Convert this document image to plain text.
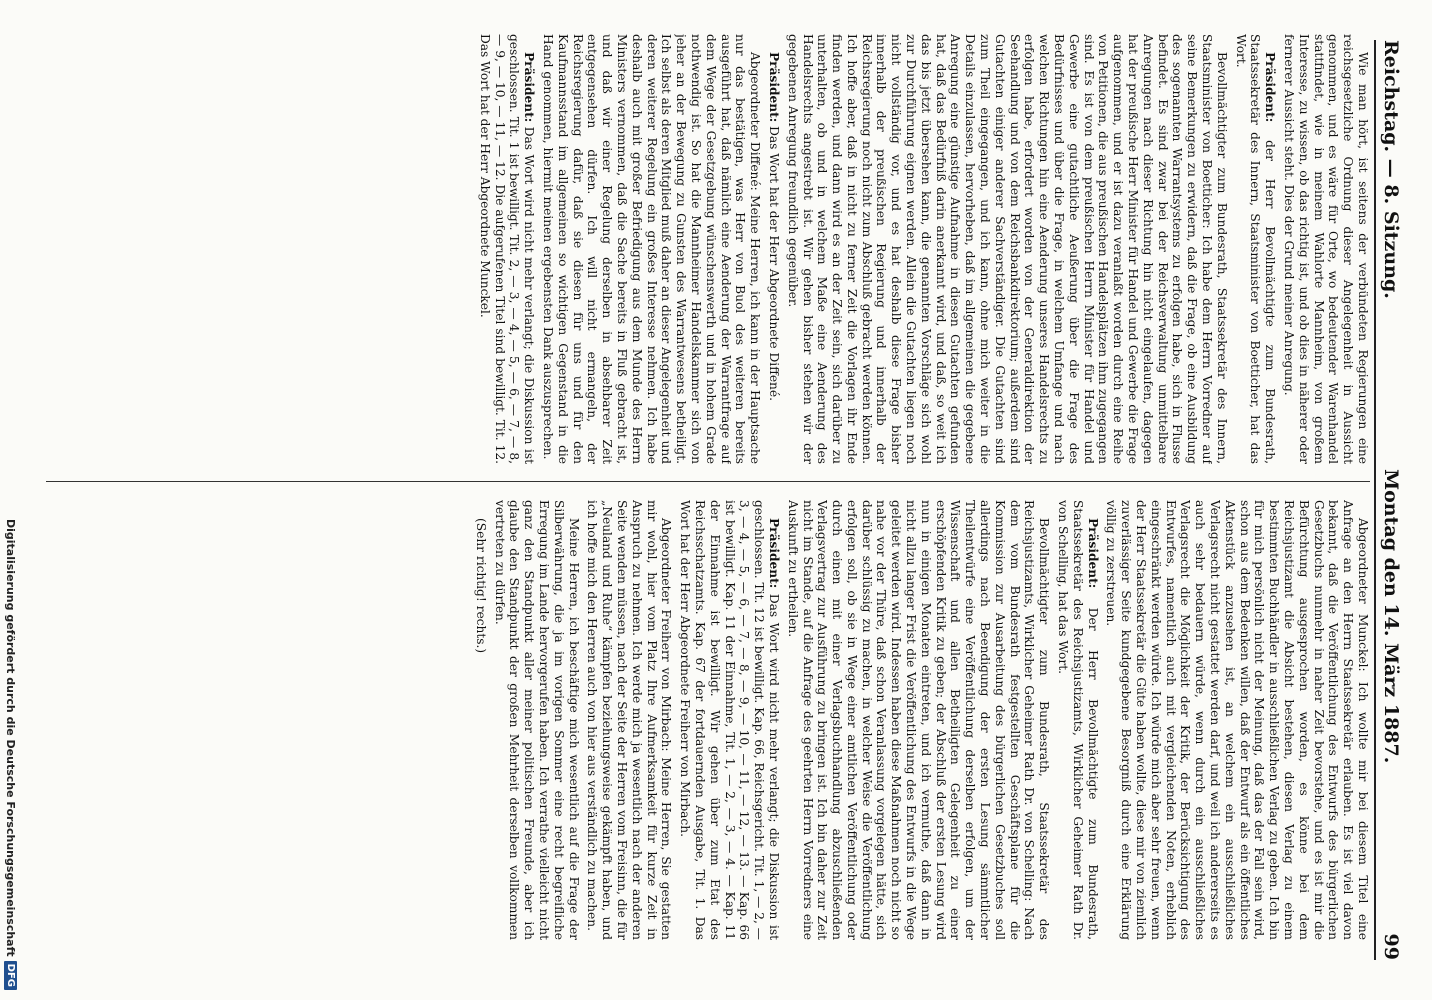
Reichstag. — 8. Sitzung.
Montag den 14. März 1887.
99

Wie man hört, ist seitens der verbündeten Regierungen eine reichsgesetzliche Ordnung dieser Angelegenheit in Aussicht genommen, und es wäre für Orte, wo bedeutender Warenhandel stattfindet, wie in meinem Wahlorte Mannheim, von großem Interesse, zu wissen, ob das richtig ist, und ob dies in näherer oder fernerer Aussicht steht. Dies der Grund meiner Anregung.

Präsident: der Herr Bevollmächtigte zum Bundesrath, Staatssekretär des Innern, Staatsminister von Boetticher, hat das Wort.

Bevollmächtigter zum Bundesrath, Staatssekretär des Innern, Staatsminister von Boetticher: Ich habe dem Herrn Vorredner auf seine Bemerkungen zu erwidern, daß die Frage, ob eine Ausbildung des sogenannten Warrantsystems zu erfolgen habe, sich in Flusse befindet. Es sind zwar bei der Reichsverwaltung unmittelbare Anregungen nach dieser Richtung hin nicht eingelaufen, dagegen hat der preußische Herr Minister für Handel und Gewerbe die Frage aufgenommen, und er ist dazu veranlaßt worden durch eine Reihe von Petitionen, die aus preußischen Handelsplätzen ihm zugegangen sind. Es ist von dem preußischen Herrn Minister für Handel und Gewerbe eine gutachtliche Aeußerung über die Frage des Bedürfnisses und über die Frage, in welchem Umfange und nach welchen Richtungen hin eine Aenderung unseres Handelsrechts zu erfolgen habe, erfordert worden von der Generaldirektion der Seehandlung und von dem Reichsbankdirektorium; außerdem sind Gutachten einiger anderer Sachverständiger. Die Gutachten sind zum Theil eingegangen, und ich kann, ohne mich weiter in die Details einzulassen, hervorheben, daß im allgemeinen die gegebene Anregung eine günstige Aufnahme in diesen Gutachten gefunden hat, daß das Bedürfniß darin anerkannt wird, und daß, so weit ich das bis jetzt übersehen kann, die genannten Vorschläge sich wohl zur Durchführung eignen werden. Allein die Gutachten liegen noch nicht vollständig vor, und es hat deshalb diese Frage bisher innerhalb der preußischen Regierung und innerhalb der Reichsregierung noch nicht zum Abschluß gebracht werden können. Ich hoffe aber, daß in nicht zu ferner Zeit die Vorlagen ihr Ende finden werden, und dann wird es an der Zeit sein, sich darüber zu unterhalten, ob und in welchem Maße eine Aenderung des Handelsrechts angestrebt ist. Wir gehen bisher stehen wir der gegebenen Anregung freundlich gegenüber.

Präsident: Das Wort hat der Herr Abgeordnete Diffené.

Abgeordneter Diffené: Meine Herren, ich kann in der Hauptsache nur das bestätigen, was Herr von Buol des weiteren bereits ausgeführt hat, daß nämlich eine Aenderung der Warrantfrage auf dem Wege der Gesetzgebung wünschenswerth und in hohem Grade nothwendig ist. So hat die Mannheimer Handelskammer sich von jeher an der Bewegung zu Gunsten des Warrantwesens betheiligt. Ich selbst als deren Mitglied muß daher an dieser Angelegenheit und deren weiterer Regelung ein großes Interesse nehmen. Ich habe deshalb auch mit großer Befriedigung aus dem Munde des Herrn Ministers vernommen, daß die Sache bereits in Fluß gebracht ist, und daß wir einer Regelung derselben in absehbarer Zeit entgegensehen dürfen. Ich will nicht ermangeln, der Reichsregierung dafür, daß sie diesen für uns und für den Kaufmannsstand im allgemeinen so wichtigen Gegenstand in die Hand genommen, hiermit meinen ergebensten Dank auszusprechen.

Präsident: Das Wort wird nicht mehr verlangt; die Diskussion ist geschlossen. Tit. 1 ist bewilligt. Tit. 2, — 3, — 4, — 5, — 6, — 7, — 8, — 9, — 10, — 11, — 12. Die aufgerufenen Titel sind bewilligt. Tit. 12. Das Wort hat der Herr Abgeordnete Munckel.

Abgeordneter Munckel: Ich wollte mir bei diesem Titel eine Anfrage an den Herrn Staatssekretär erlauben. Es ist viel davon bekannt, daß die Veröffentlichung des Entwurfs des bürgerlichen Gesetzbuchs nunmehr in naher Zeit bevorstehe, und es ist mir die Befürchtung ausgesprochen worden, es könne bei dem Reichsjustizamt die Absicht bestehen, diesen Verlag zu einem bestimmten Buchhändler in ausschließlichen Verlag zu geben. Ich bin für mich persönlich nicht der Meinung, daß das der Fall sein wird, schon aus dem Bedenken willen, daß der Entwurf als ein öffentliches Aktenstück anzusehen ist, an welchem ein ausschließliches Verlagsrecht nicht gestattet werden darf, und weil ich andererseits es auch sehr bedauern würde, wenn durch ein ausschließliches Verlagsrecht die Möglichkeit der Kritik, der Berücksichtigung des Entwurfes, namentlich auch mit vergleichenden Noten, erheblich eingeschränkt werden würde. Ich würde mich aber sehr freuen, wenn der Herr Staatssekretär die Güte haben wollte, diese mir von ziemlich zuverlässiger Seite kundgegebene Besorgniß durch eine Erklärung völlig zu zerstreuen.

Präsident: Der Herr Bevollmächtigte zum Bundesrath, Staatssekretär des Reichsjustizamts, Wirklicher Geheimer Rath Dr. von Schelling, hat das Wort.

Bevollmächtigter zum Bundesrath, Staatssekretär des Reichsjustizamts, Wirklicher Geheimer Rath Dr. von Schelling: Nach dem vom Bundesrath festgestellten Geschäftsplane für die Kommission zur Ausarbeitung des bürgerlichen Gesetzbuches soll allerdings nach Beendigung der ersten Lesung sämmtlicher Theilentwürfe eine Veröffentlichung derselben erfolgen, um der Wissenschaft und allen Betheiligten Gelegenheit zu einer erschöpfenden Kritik zu geben; der Abschluß der ersten Lesung wird nun in einigen Monaten eintreten, und ich vermuthe, daß dann in nicht allzu langer Frist die Veröffentlichung des Entwurfs in die Wege geleitet werden wird. Indessen haben diese Maßnahmen noch nicht so nahe vor der Thüre, daß schon Veranlassung vorgelegen hätte, sich darüber schlüssig zu machen, in welcher Weise die Veröffentlichung erfolgen soll, ob sie in Wege einer amtlichen Veröffentlichung oder durch einen mit einer Verlagsbuchhandlung abzuschließenden Verlagsvertrag zur Ausführung zu bringen ist. Ich bin daher zur Zeit nicht im Stande, auf die Anfrage des geehrten Herrn Vorredners eine Auskunft zu ertheilen.

Präsident: Das Wort wird nicht mehr verlangt; die Diskussion ist geschlossen. Tit. 12 ist bewilligt. Kap. 66, Reichsgericht. Tit. 1, — 2, — 3, — 4, — 5, — 6, — 7, — 8, — 9, — 10, — 11, — 12, — 13. — Kap. 66 ist bewilligt. Kap. 11 der Einnahme, Tit. 1, — 2, — 3, — 4. — Kap. 11 der Einnahme ist bewilligt. Wir gehen über zum Etat des Reichsschatzamts. Kap. 67 der fortdauernden Ausgabe, Tit. 1. Das Wort hat der Herr Abgeordnete Freiherr von Mirbach.

Abgeordneter Freiherr von Mirbach: Meine Herren, Sie gestatten mir wohl, hier vom Platz Ihre Aufmerksamkeit für kurze Zeit in Anspruch zu nehmen. Ich werde mich ja wesentlich nach der anderen Seite wenden müssen, nach der Seite der Herren vom Freisinn, die für „Neuland und Ruhe“ kämpfen beziehungsweise gekämpft haben, und ich hoffe mich den Herren auch von hier aus verständlich zu machen.

Meine Herren, ich beschäftige mich wesentlich auf die Frage der Silberwährung, die ja im vorigen Sommer eine recht begreifliche Erregung im Lande hervorgerufen haben. Ich verrathe vielleicht nicht ganz den Standpunkt aller meiner politischen Freunde, aber ich glaube den Standpunkt der großen Mehrheit derselben vollkommen vertreten zu dürfen.

(Sehr richtig! rechts.)

Digitalisierung gefördert durch die Deutsche Forschungsgemeinschaft
DFG
